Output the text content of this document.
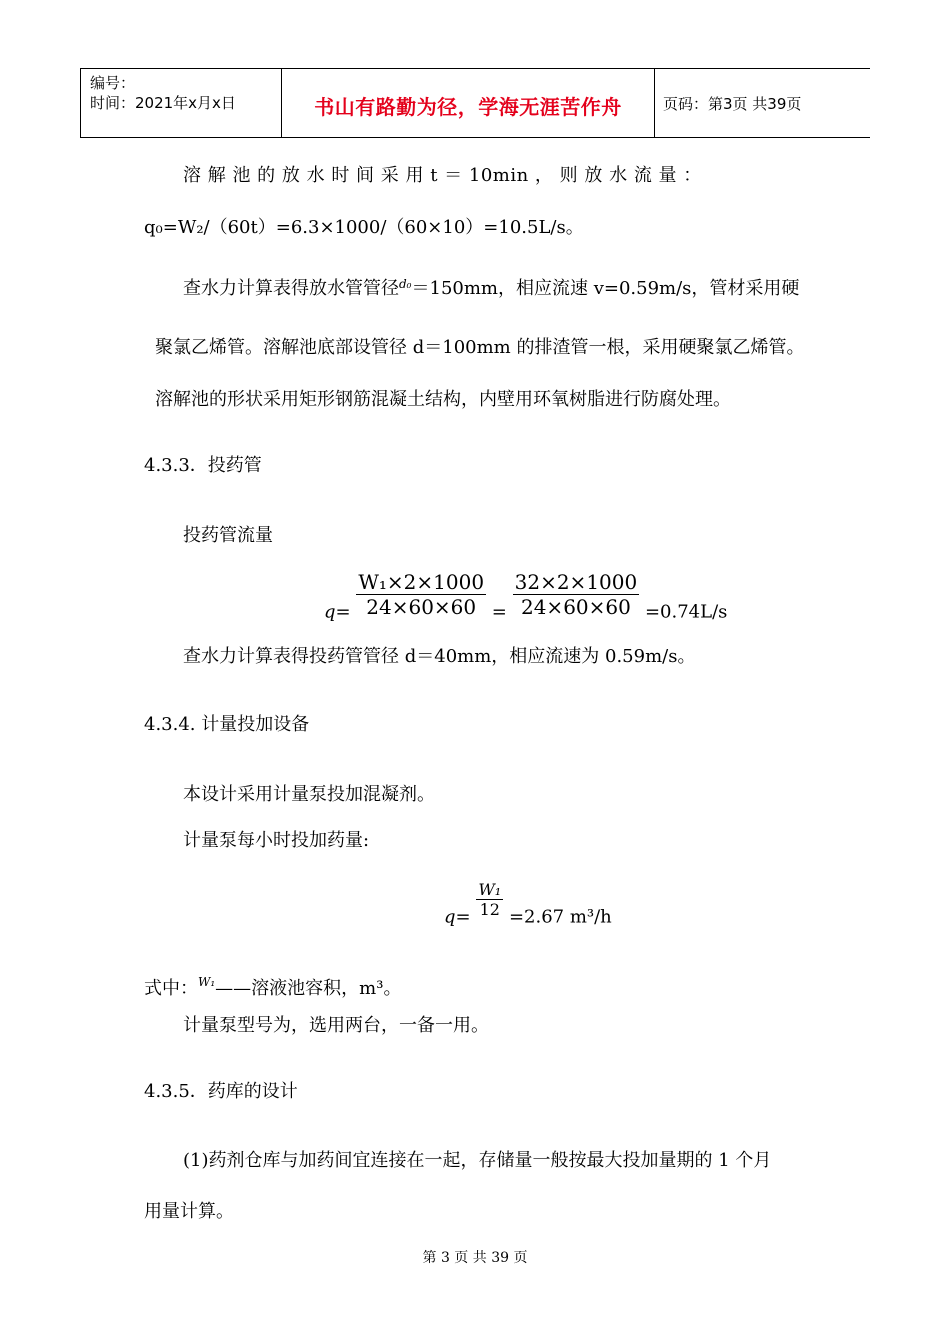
编号：
时间：2021年x月x日	书山有路勤为径，学海无涯苦作舟	页码：第3页 共39页
溶 解 池 的 放 水 时 间 采 用 t ＝ 10min ， 则 放 水 流 量 ：
q₀=W₂/（60t）=6.3×1000/（60×10）=10.5L/s。
查水力计算表得放水管管径$^{d_0}$＝150mm，相应流速 v=0.59m/s，管材采用硬
聚氯乙烯管。溶解池底部设管径 d＝100mm 的排渣管一根，采用硬聚氯乙烯管。
溶解池的形状采用矩形钢筋混凝土结构，内壁用环氧树脂进行防腐处理。
4.3.3．投药管
投药管流量
$q= \frac{\text{W₁×2×1000}}{24\times 60\times 60} = \frac{32\times 2\times 1000}{24\times 60\times 60} =0.74L/s$
查水力计算表得投药管管径 d＝40mm，相应流速为 0.59m/s。
4.3.4. 计量投加设备
本设计采用计量泵投加混凝剂。
计量泵每小时投加药量:
$q= \frac{\text{W₁}}{12} =2.67$ m³/h
式中：$^{W_1}$——溶液池容积，m³。
计量泵型号为，选用两台，一备一用。
4.3.5．药库的设计
(1)药剂仓库与加药间宜连接在一起，存储量一般按最大投加量期的 1 个月
用量计算。
第 3 页 共 39 页
